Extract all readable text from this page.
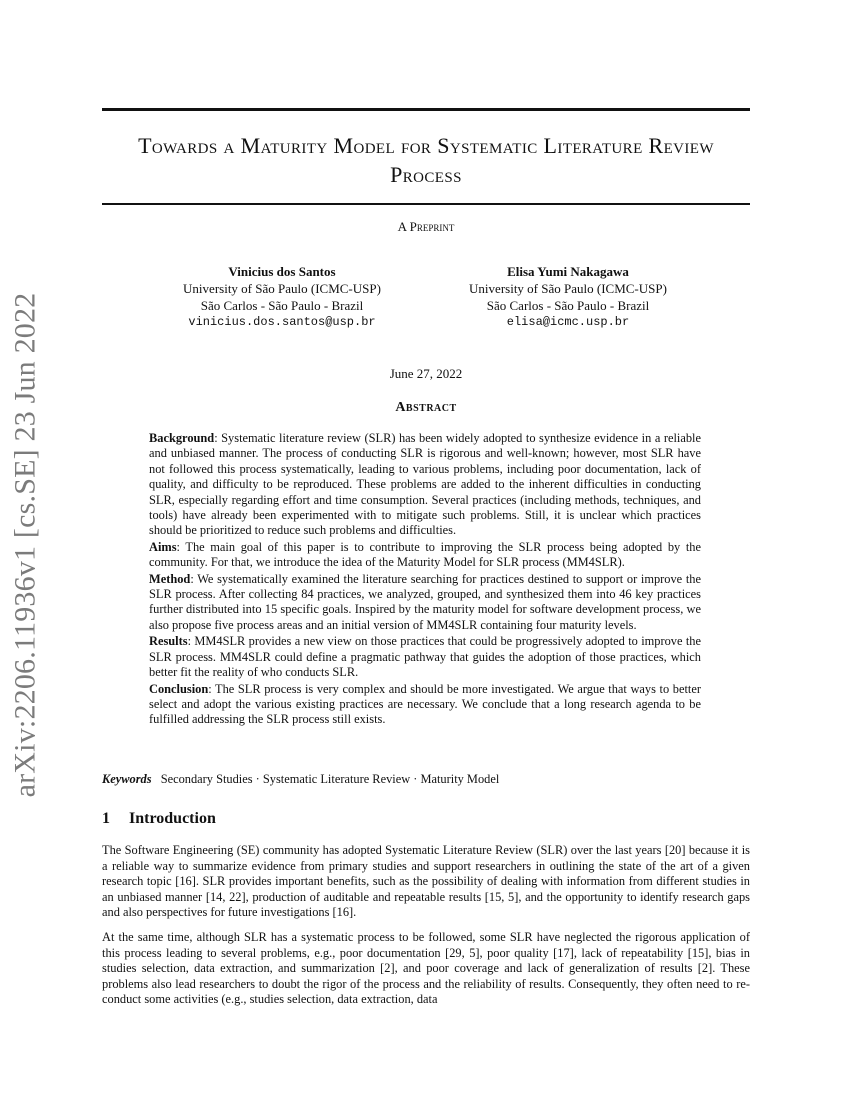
arXiv:2206.11936v1 [cs.SE] 23 Jun 2022
Towards a Maturity Model for Systematic Literature Review Process
A Preprint
Vinicius dos Santos
University of São Paulo (ICMC-USP)
São Carlos - São Paulo - Brazil
vinicius.dos.santos@usp.br
Elisa Yumi Nakagawa
University of São Paulo (ICMC-USP)
São Carlos - São Paulo - Brazil
elisa@icmc.usp.br
June 27, 2022
Abstract

Background: Systematic literature review (SLR) has been widely adopted to synthesize evidence in a reliable and unbiased manner. The process of conducting SLR is rigorous and well-known; however, most SLR have not followed this process systematically, leading to various problems, including poor documentation, lack of quality, and difficulty to be reproduced. These problems are added to the inherent difficulties in conducting SLR, especially regarding effort and time consumption. Several practices (including methods, techniques, and tools) have already been experimented with to mitigate such problems. Still, it is unclear which practices should be prioritized to reduce such problems and difficulties.

Aims: The main goal of this paper is to contribute to improving the SLR process being adopted by the community. For that, we introduce the idea of the Maturity Model for SLR process (MM4SLR).

Method: We systematically examined the literature searching for practices destined to support or improve the SLR process. After collecting 84 practices, we analyzed, grouped, and synthesized them into 46 key practices further distributed into 15 specific goals. Inspired by the maturity model for software development process, we also propose five process areas and an initial version of MM4SLR containing four maturity levels.

Results: MM4SLR provides a new view on those practices that could be progressively adopted to improve the SLR process. MM4SLR could define a pragmatic pathway that guides the adoption of those practices, which better fit the reality of who conducts SLR.

Conclusion: The SLR process is very complex and should be more investigated. We argue that ways to better select and adopt the various existing practices are necessary. We conclude that a long research agenda to be fulfilled addressing the SLR process still exists.

Keywords Secondary Studies · Systematic Literature Review · Maturity Model
1 Introduction

The Software Engineering (SE) community has adopted Systematic Literature Review (SLR) over the last years [20] because it is a reliable way to summarize evidence from primary studies and support researchers in outlining the state of the art of a given research topic [16]. SLR provides important benefits, such as the possibility of dealing with information from different studies in an unbiased manner [14, 22], production of auditable and repeatable results [15, 5], and the opportunity to identify research gaps and also perspectives for future investigations [16].

At the same time, although SLR has a systematic process to be followed, some SLR have neglected the rigorous application of this process leading to several problems, e.g., poor documentation [29, 5], poor quality [17], lack of repeatability [15], bias in studies selection, data extraction, and summarization [2], and poor coverage and lack of generalization of results [2]. These problems also lead researchers to doubt the rigor of the process and the reliability of results. Consequently, they often need to re-conduct some activities (e.g., studies selection, data extraction, data
